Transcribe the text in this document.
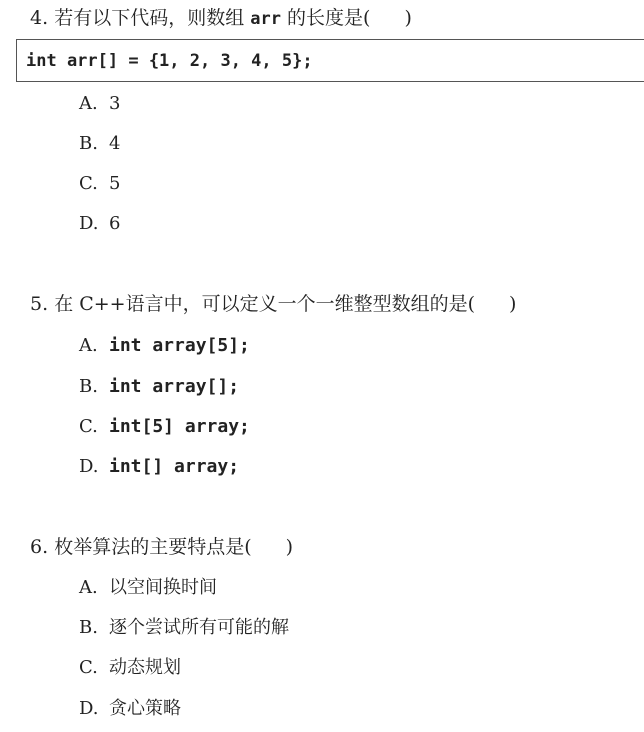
4. 若有以下代码，则数组 arr 的长度是( )
int arr[] = {1, 2, 3, 4, 5};
A. 3
B. 4
C. 5
D. 6
5. 在 C++语言中，可以定义一个一维整型数组的是( )
A. int array[5];
B. int array[];
C. int[5] array;
D. int[] array;
6. 枚举算法的主要特点是( )
A. 以空间换时间
B. 逐个尝试所有可能的解
C. 动态规划
D. 贪心策略
